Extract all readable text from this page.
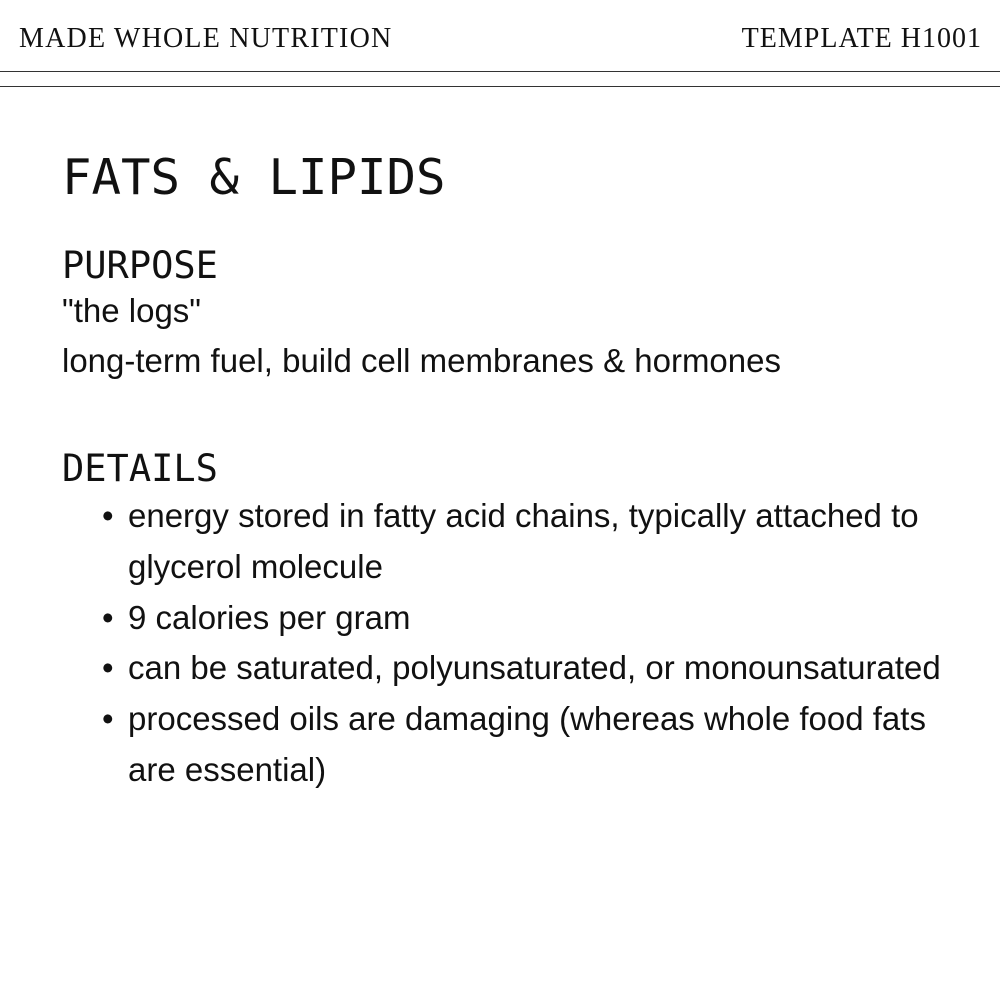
MADE WHOLE NUTRITION	TEMPLATE H1001
FATS & LIPIDS
PURPOSE
"the logs"
long-term fuel, build cell membranes & hormones
DETAILS
• energy stored in fatty acid chains, typically attached to glycerol molecule
• 9 calories per gram
• can be saturated, polyunsaturated, or monounsaturated
• processed oils are damaging (whereas whole food fats are essential)
